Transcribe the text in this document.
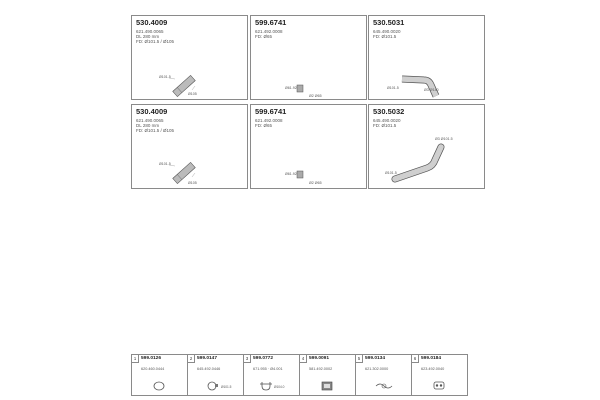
530.4009
621.490.0065
DL 280 mm
FD: Ø101.5 / Ø105
Ø101.5
Ø105
599.6741
621.492.0008
FD: Ø65
Ø61.92
Ø2 Ø65
530.5031
645.490.0020
FD: Ø101.5
Ø101.5	Ø3 Ø140
530.4009
621.490.0065
DL 280 mm
FD: Ø101.5 / Ø105
Ø101.5
Ø105
599.6741
621.492.0008
FD: Ø65
Ø61.92
Ø2 Ø65
530.5032
645.490.0020
FD: Ø101.5
Ø101.5
Ø3 Ø101.5
1	599.0126
620.460.0444
2	599.0147
645.492.0446
Ø101.5
3	599.0772
671.955 · Ø4.001
Ø104.0
4	599.0091
581.492.0002
5	599.0134
621.302.0000
6	599.0184
623.492.0040
